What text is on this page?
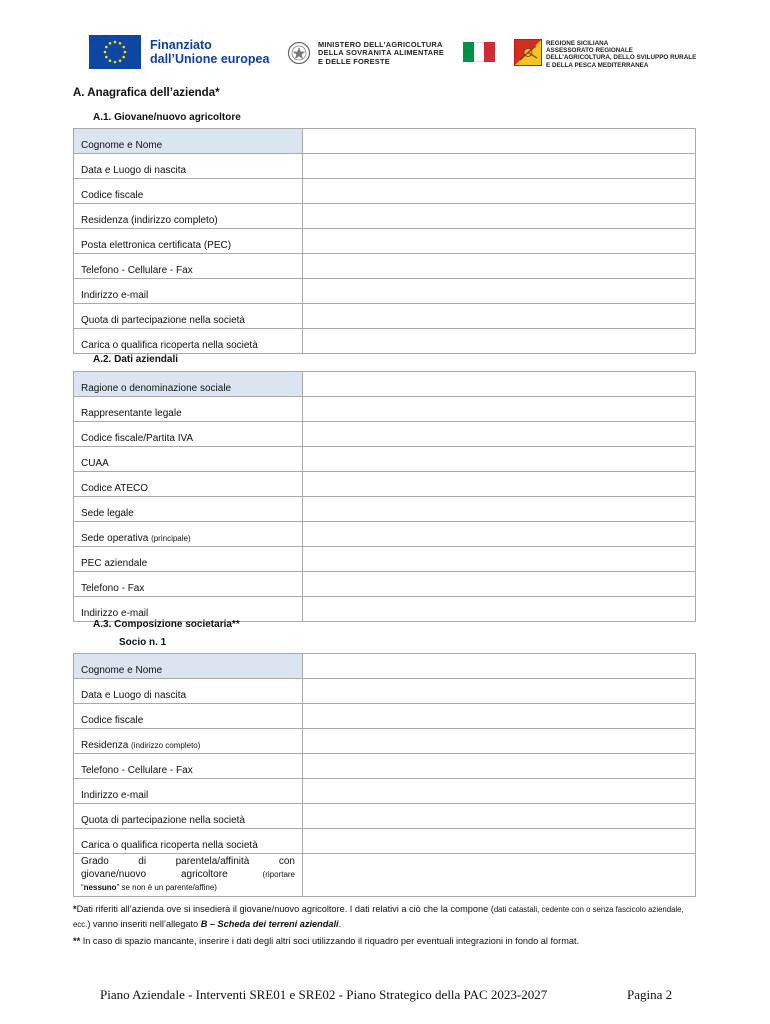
Finanziato
dall’Unione europea
MINISTERO DELL’AGRICOLTURA
DELLA SOVRANITÀ ALIMENTARE
E DELLE FORESTE
REGIONE SICILIANA
ASSESSORATO REGIONALE
DELL’AGRICOLTURA, DELLO SVILUPPO RURALE
E DELLA PESCA MEDITERRANEA
A. Anagrafica dell’azienda*
A.1. Giovane/nuovo agricoltore
Cognome e Nome	
Data e Luogo di nascita	
Codice fiscale	
Residenza (indirizzo completo)	
Posta elettronica certificata (PEC)	
Telefono - Cellulare - Fax	
Indirizzo e-mail	
Quota di partecipazione nella società	
Carica o qualifica ricoperta nella società	
A.2. Dati aziendali
Ragione o denominazione sociale	
Rappresentante legale	
Codice fiscale/Partita IVA	
CUAA	
Codice ATECO	
Sede legale	
Sede operativa (principale)	
PEC aziendale	
Telefono - Fax	
Indirizzo e-mail	
A.3. Composizione societaria**
Socio n. 1
Cognome e Nome	
Data e Luogo di nascita	
Codice fiscale	
Residenza (indirizzo completo)	
Telefono - Cellulare - Fax	
Indirizzo e-mail	
Quota di partecipazione nella società	
Carica o qualifica ricoperta nella società	

Grado di parentela/affinità con
giovane/nuovo agricoltore (riportare
“nessuno” se non è un parente/affine)	

*Dati riferiti all’azienda ove si insedierà il giovane/nuovo agricoltore. I dati relativi a ciò che la compone (dati catastali, cedente con o senza fascicolo aziendale, ecc.) vanno inseriti nell’allegato B – Scheda dei terreni aziendali.
** In caso di spazio mancante, inserire i dati degli altri soci utilizzando il riquadro per eventuali integrazioni in fondo al format.
Piano Aziendale - Interventi SRE01 e SRE02 - Piano Strategico della PAC 2023-2027	Pagina 2
